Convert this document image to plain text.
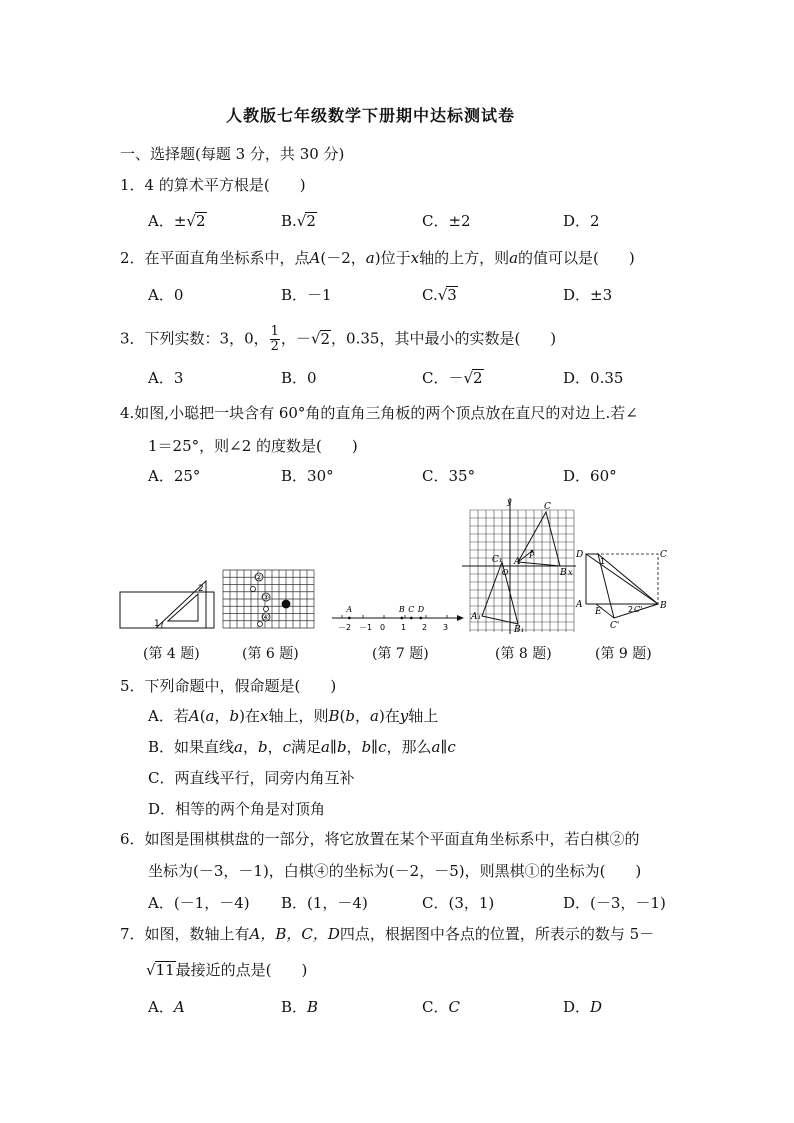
人教版七年级数学下册期中达标测试卷
一、选择题(每题 3 分，共 30 分)
1．4 的算术平方根是(　　)
A．±√2	B.√2	C．±2	D．2
2．在平面直角坐标系中，点A(－2，a)位于x轴的上方，则a的值可以是(　　)
A．0	B．－1	C.√3	D．±3
3．下列实数：3，0， $\frac{1}{2}$ ，－√2，0.35，其中最小的实数是(　　)
A．3	B．0	C．－√2	D．0.35
4.如图,小聪把一块含有 60°角的直角三角板的两个顶点放在直尺的对边上.若∠
1＝25°，则∠2 的度数是(　　)
A．25°	B．30°	C．35°	D．60°
1
2
②
③
①
④
－2 －1 0 1 2 3
A	B C D
y
C
C₁	P
A
O	B x
A₁
B₁
D
1
C
A
E	2 C' B
C'
(第 4 题)	(第 6 题)	(第 7 题)	(第 8 题)	(第 9 题)
5．下列命题中，假命题是(　　)
A．若A(a，b)在x轴上，则B(b，a)在y轴上
B．如果直线a，b，c满足a∥b，b∥c，那么a∥c
C．两直线平行，同旁内角互补
D．相等的两个角是对顶角
6．如图是围棋棋盘的一部分，将它放置在某个平面直角坐标系中，若白棋②的
坐标为(－3，－1)，白棋④的坐标为(－2，－5)，则黑棋①的坐标为(　　)
A．(－1，－4) B．(1，－4)	C．(3，1)	D．(－3，－1)
7．如图，数轴上有A，B，C，D四点，根据图中各点的位置，所表示的数与 5－
√11最接近的点是(　　)
A．A	B．B	C．C	D．D
